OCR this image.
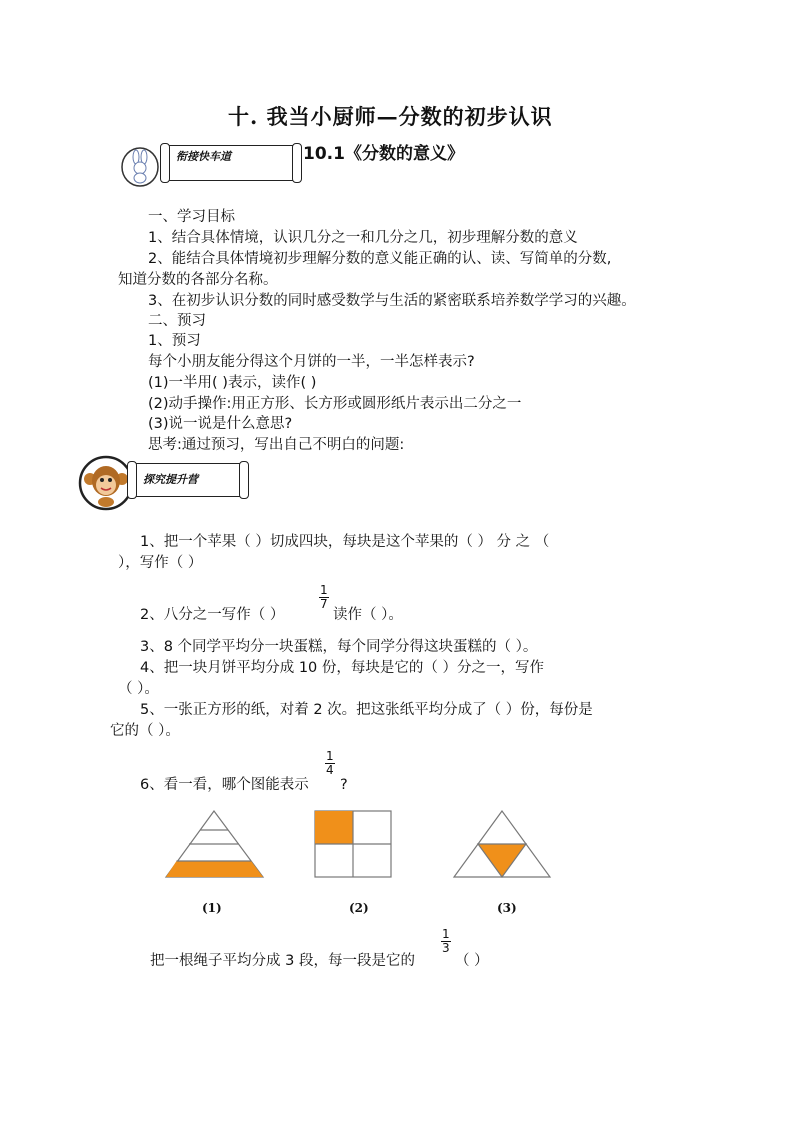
十. 我当小厨师—分数的初步认识
衔接快车道	10.1《分数的意义》
一、学习目标
1、结合具体情境，认识几分之一和几分之几，初步理解分数的意义
2、能结合具体情境初步理解分数的意义能正确的认、读、写简单的分数,
知道分数的各部分名称。
3、在初步认识分数的同时感受数学与生活的紧密联系培养数学学习的兴趣。
二、预习
1、预习
每个小朋友能分得这个月饼的一半，一半怎样表示?
(1)一半用( )表示，读作( )
(2)动手操作:用正方形、长方形或圆形纸片表示出二分之一
(3)说一说是什么意思?
思考:通过预习，写出自己不明白的问题:
探究提升营
1、把一个苹果（ ）切成四块，每块是这个苹果的（ ） 分 之 （
），写作（ ）
2、八分之一写作（ ）
$\frac{1}{7}$
读作（ ）。
3、8 个同学平均分一块蛋糕，每个同学分得这块蛋糕的（ ）。
4、把一块月饼平均分成 10 份，每块是它的（ ）分之一，写作
（ ）。
5、一张正方形的纸，对着 2 次。把这张纸平均分成了（ ）份，每份是
它的（ ）。
6、看一看，哪个图能表示
$\frac{1}{4}$
?
(1)	(2)	(3)
把一根绳子平均分成 3 段，每一段是它的
$\frac{1}{3}$
（ ）
